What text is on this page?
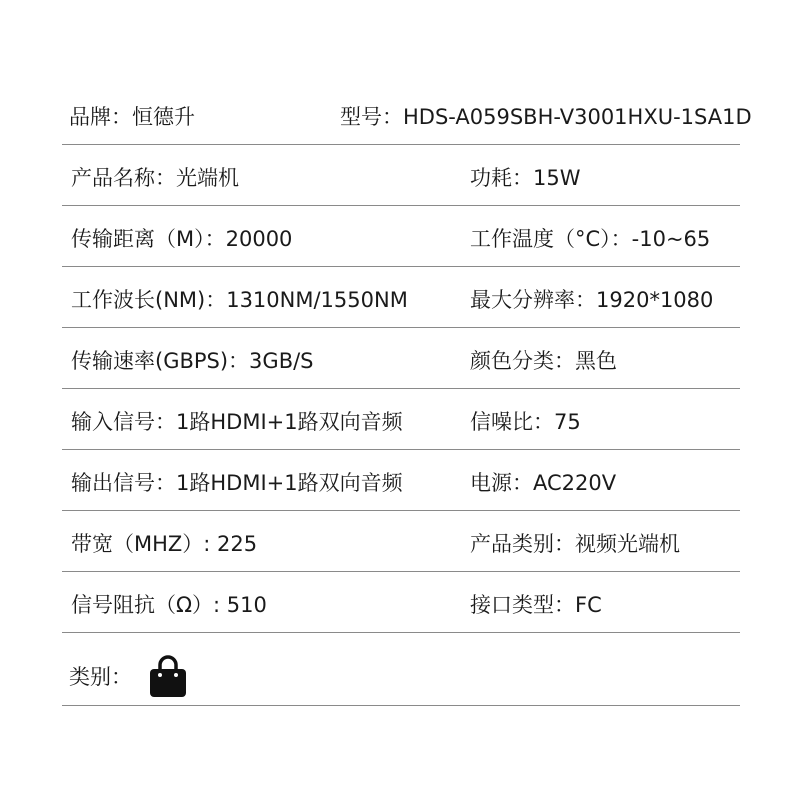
品牌：恒德升	型号：HDS-A059SBH-V3001HXU-1SA1D
产品名称：光端机	功耗：15W
传输距离（M）：20000	工作温度（°C）：-10~65
工作波长(NM)：1310NM/1550NM	最大分辨率：1920*1080
传输速率(GBPS)：3GB/S	颜色分类：黑色
输入信号：1路HDMI+1路双向音频	信噪比：75
输出信号：1路HDMI+1路双向音频	电源：AC220V
带宽（MHZ）: 225	产品类别：视频光端机
信号阻抗（Ω）: 510	接口类型：FC
类别：
